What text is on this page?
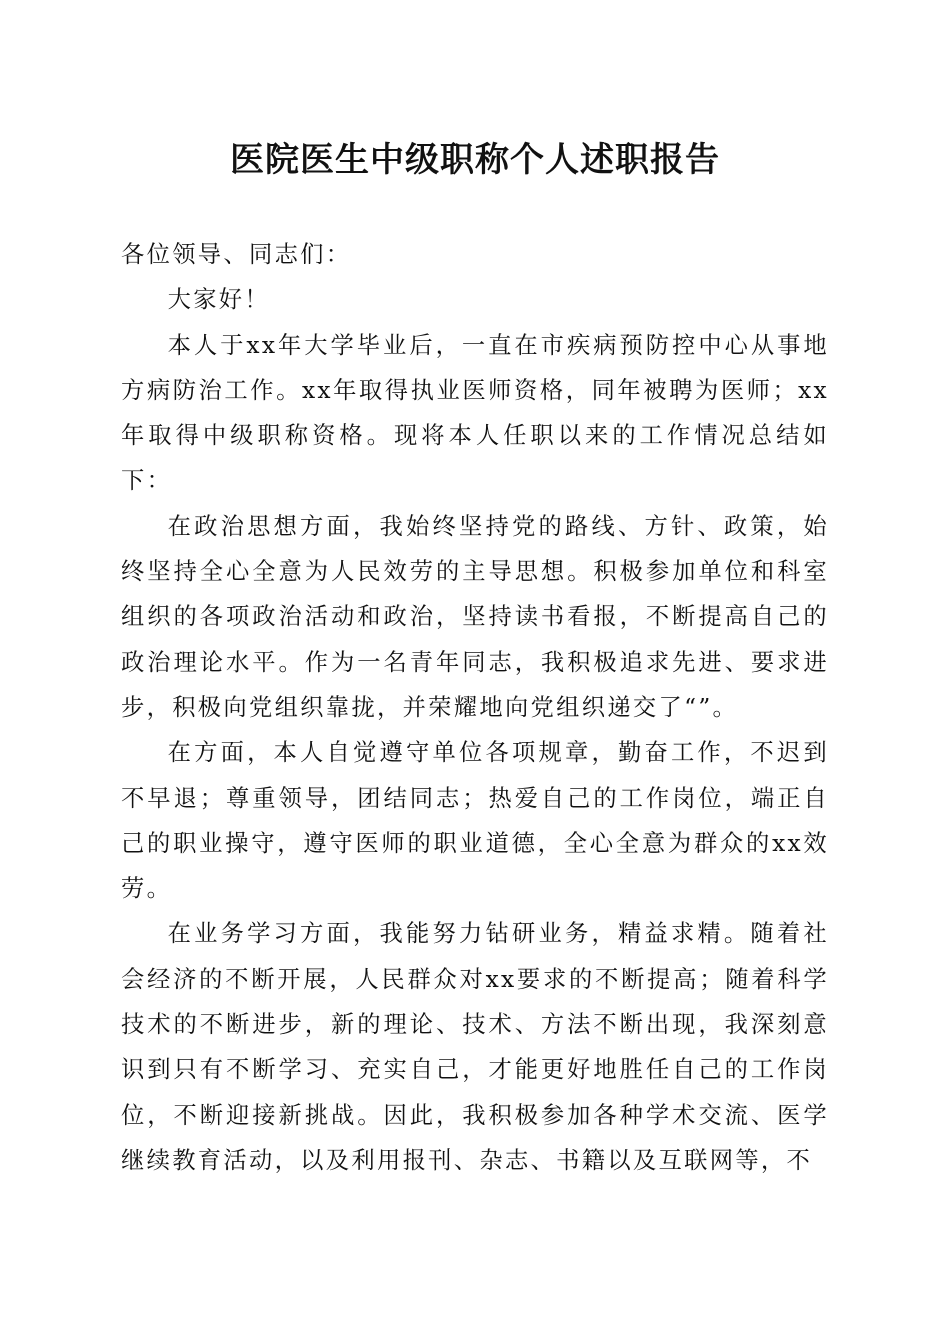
医院医生中级职称个人述职报告

各位领导、同志们：

大家好！

本人于xx年大学毕业后，一直在市疾病预防控中心从事地方病防治工作。xx年取得执业医师资格，同年被聘为医师；xx年取得中级职称资格。现将本人任职以来的工作情况总结如下：

在政治思想方面，我始终坚持党的路线、方针、政策，始终坚持全心全意为人民效劳的主导思想。积极参加单位和科室组织的各项政治活动和政治，坚持读书看报，不断提高自己的政治理论水平。作为一名青年同志，我积极追求先进、要求进步，积极向党组织靠拢，并荣耀地向党组织递交了“”。

在方面，本人自觉遵守单位各项规章，勤奋工作，不迟到不早退；尊重领导，团结同志；热爱自己的工作岗位，端正自己的职业操守，遵守医师的职业道德，全心全意为群众的xx效劳。

在业务学习方面，我能努力钻研业务，精益求精。随着社会经济的不断开展，人民群众对xx要求的不断提高；随着科学技术的不断进步，新的理论、技术、方法不断出现，我深刻意识到只有不断学习、充实自己，才能更好地胜任自己的工作岗位，不断迎接新挑战。因此，我积极参加各种学术交流、医学继续教育活动，以及利用报刊、杂志、书籍以及互联网等，不
